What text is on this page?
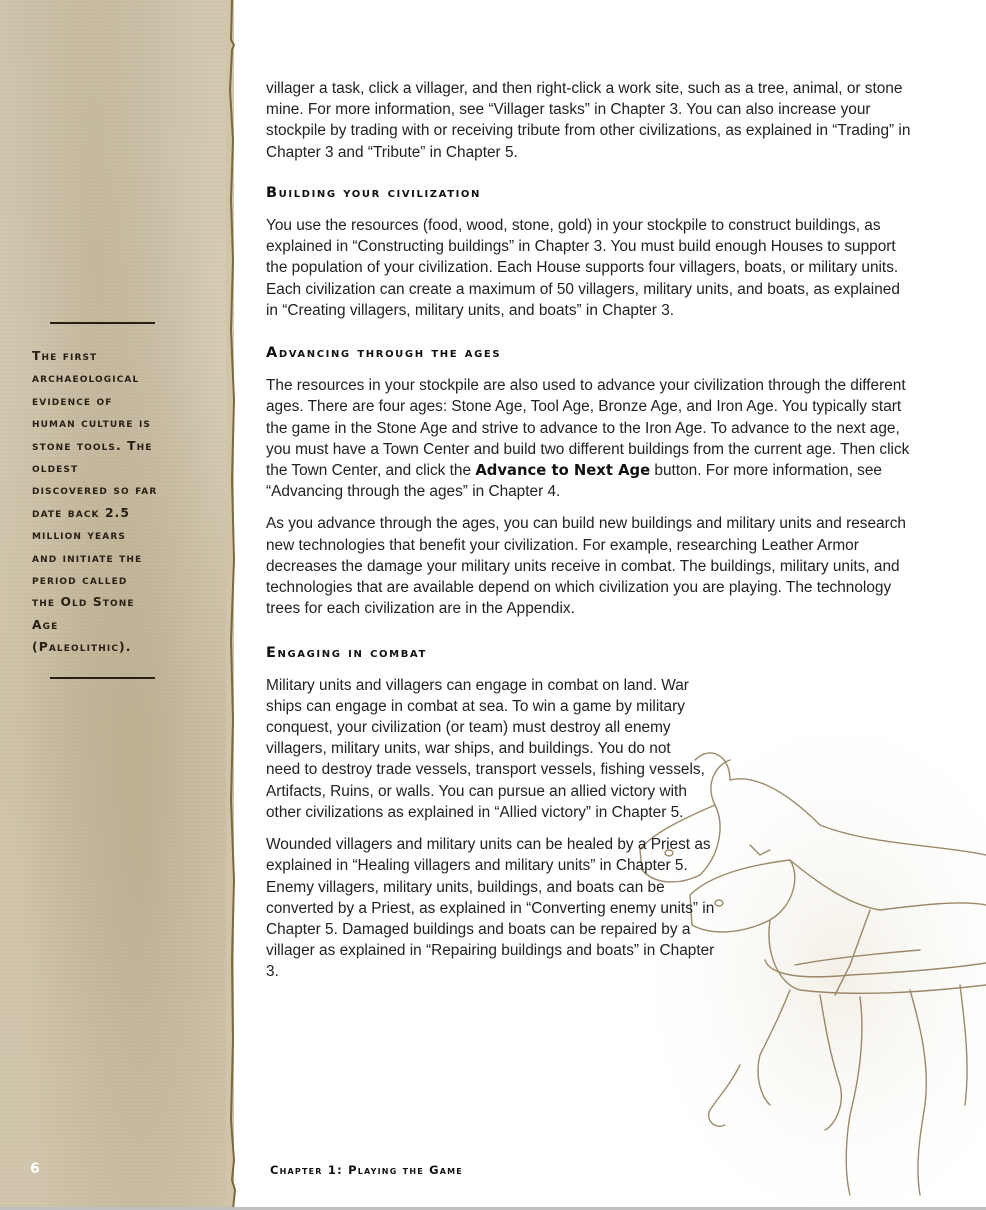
The first
archaeological
evidence of
human culture is
stone tools. The
oldest
discovered so far
date back 2.5
million years
and initiate the
period called
the Old Stone
Age
(Paleolithic).
6

villager a task, click a villager, and then right-click a work site, such as a tree, animal, or stone mine. For more information, see “Villager tasks” in Chapter 3. You can also increase your stockpile by trading with or receiving tribute from other civilizations, as explained in “Trading” in Chapter 3 and “Tribute” in Chapter 5.

Building your civilization

You use the resources (food, wood, stone, gold) in your stockpile to construct buildings, as explained in “Constructing buildings” in Chapter 3. You must build enough Houses to support the population of your civilization. Each House supports four villagers, boats, or military units. Each civilization can create a maximum of 50 villagers, military units, and boats, as explained in “Creating villagers, military units, and boats” in Chapter 3.

Advancing through the ages

The resources in your stockpile are also used to advance your civilization through the different ages. There are four ages: Stone Age, Tool Age, Bronze Age, and Iron Age. You typically start the game in the Stone Age and strive to advance to the Iron Age. To advance to the next age, you must have a Town Center and build two different buildings from the current age. Then click the Town Center, and click the Advance to Next Age button. For more information, see “Advancing through the ages” in Chapter 4.

As you advance through the ages, you can build new buildings and military units and research new technologies that benefit your civilization. For example, researching Leather Armor decreases the damage your military units receive in combat. The buildings, military units, and technologies that are available depend on which civilization you are playing. The technology trees for each civilization are in the Appendix.

Engaging in combat

Military units and villagers can engage in combat on land. War ships can engage in combat at sea. To win a game by military conquest, your civilization (or team) must destroy all enemy villagers, military units, war ships, and buildings. You do not need to destroy trade vessels, transport vessels, fishing vessels, Artifacts, Ruins, or walls. You can pursue an allied victory with other civilizations as explained in “Allied victory” in Chapter 5.

Wounded villagers and military units can be healed by a Priest as explained in “Healing villagers and military units” in Chapter 5. Enemy villagers, military units, buildings, and boats can be converted by a Priest, as explained in “Converting enemy units” in Chapter 5. Damaged buildings and boats can be repaired by a villager as explained in “Repairing buildings and boats” in Chapter 3.

Chapter 1: Playing the Game
